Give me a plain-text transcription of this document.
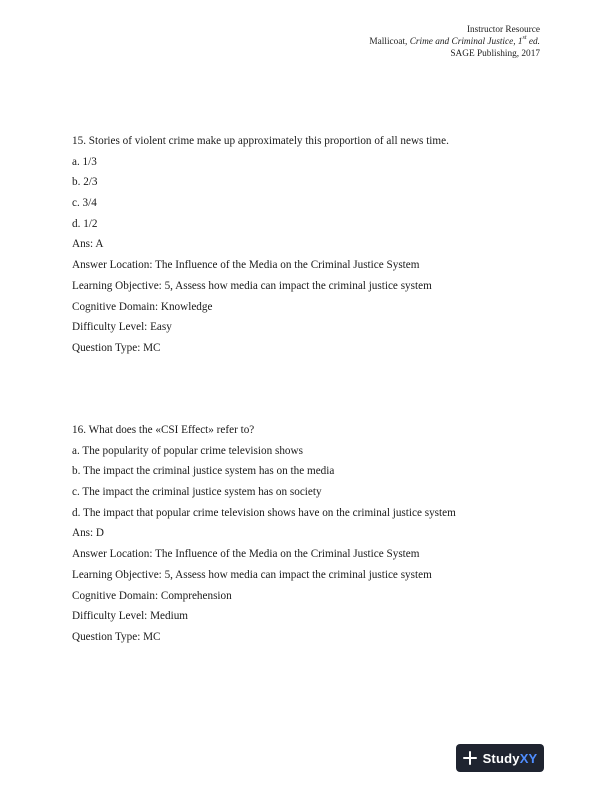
Instructor Resource
Mallicoat, Crime and Criminal Justice, 1st ed.
SAGE Publishing, 2017
15. Stories of violent crime make up approximately this proportion of all news time.
a. 1/3
b. 2/3
c. 3/4
d. 1/2
Ans: A
Answer Location: The Influence of the Media on the Criminal Justice System
Learning Objective: 5, Assess how media can impact the criminal justice system
Cognitive Domain: Knowledge
Difficulty Level: Easy
Question Type: MC
16. What does the «CSI Effect» refer to?
a. The popularity of popular crime television shows
b. The impact the criminal justice system has on the media
c. The impact the criminal justice system has on society
d. The impact that popular crime television shows have on the criminal justice system
Ans: D
Answer Location: The Influence of the Media on the Criminal Justice System
Learning Objective: 5, Assess how media can impact the criminal justice system
Cognitive Domain: Comprehension
Difficulty Level: Medium
Question Type: MC
StudyXY
